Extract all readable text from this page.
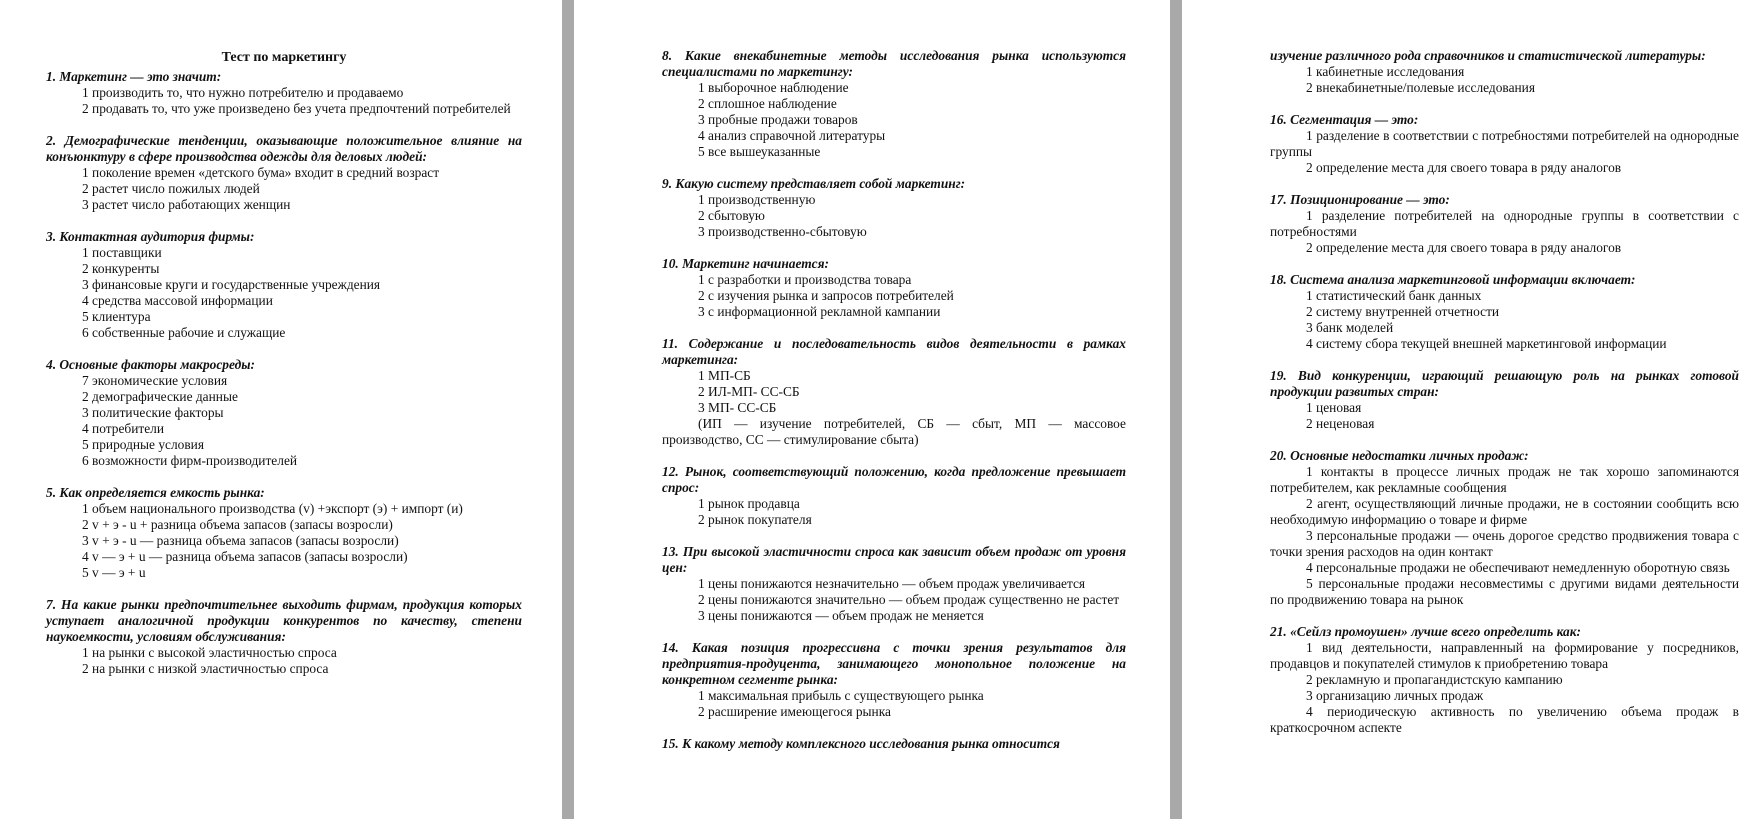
Тест по маркетингу
1. Маркетинг — это значит:
1 производить то, что нужно потребителю и продаваемо
2 продавать то, что уже произведено без учета предпочтений потребителей
2. Демографические тенденции, оказывающие положительное влияние на конъюнктуру в сфере производства одежды для деловых людей:
1 поколение времен «детского бума» входит в средний возраст
2 растет число пожилых людей
3 растет число работающих женщин
3. Контактная аудитория фирмы:
1 поставщики
2 конкуренты
3 финансовые круги и государственные учреждения
4 средства массовой информации
5 клиентура
6 собственные рабочие и служащие
4. Основные факторы макросреды:
7 экономические условия
2 демографические данные
3 политические факторы
4 потребители
5 природные условия
6 возможности фирм-производителей
5. Как определяется емкость рынка:
1 объем национального производства (v) +экспорт (э) + импорт (и)
2 v + э - u + разница объема запасов (запасы возросли)
3 v + э - u — разница объема запасов (запасы возросли)
4 v — э + u — разница объема запасов (запасы возросли)
5 v — э + u
7. На какие рынки предпочтительнее выходить фирмам, продукция которых уступает аналогичной продукции конкурентов по качеству, степени наукоемкости, условиям обслуживания:
1 на рынки с высокой эластичностью спроса
2 на рынки с низкой эластичностью спроса
8. Какие внекабинетные методы исследования рынка используются специалистами по маркетингу:
1 выборочное наблюдение
2 сплошное наблюдение
3 пробные продажи товаров
4 анализ справочной литературы
5 все вышеуказанные
9. Какую систему представляет собой маркетинг:
1 производственную
2 сбытовую
3 производственно-сбытовую
10. Маркетинг начинается:
1 с разработки и производства товара
2 с изучения рынка и запросов потребителей
3 с информационной рекламной кампании
11. Содержание и последовательность видов деятельности в рамках маркетинга:
1 МП-СБ
2 ИЛ-МП- СС-СБ
3 МП- СС-СБ
(ИП — изучение потребителей, СБ — сбыт, МП — массовое производство, СС — стимулирование сбыта)
12. Рынок, соответствующий положению, когда предложение превышает спрос:
1 рынок продавца
2 рынок покупателя
13. При высокой эластичности спроса как зависит объем продаж от уровня цен:
1 цены понижаются незначительно — объем продаж увеличивается
2 цены понижаются значительно — объем продаж существенно не растет
3 цены понижаются — объем продаж не меняется
14. Какая позиция прогрессивна с точки зрения результатов для предприятия-продуцента, занимающего монопольное положение на конкретном сегменте рынка:
1 максимальная прибыль с существующего рынка
2 расширение имеющегося рынка
15. К какому методу комплексного исследования рынка относится
изучение различного рода справочников и статистической литературы:
1 кабинетные исследования
2 внекабинетные/полевые исследования
16. Сегментация — это:
1 разделение в соответствии с потребностями потребителей на однородные группы
2 определение места для своего товара в ряду аналогов
17. Позиционирование — это:
1 разделение потребителей на однородные группы в соответствии с потребностями
2 определение места для своего товара в ряду аналогов
18. Система анализа маркетинговой информации включает:
1 статистический банк данных
2 систему внутренней отчетности
3 банк моделей
4 систему сбора текущей внешней маркетинговой информации
19. Вид конкуренции, играющий решающую роль на рынках готовой продукции развитых стран:
1 ценовая
2 неценовая
20. Основные недостатки личных продаж:
1 контакты в процессе личных продаж не так хорошо запоминаются потребителем, как рекламные сообщения
2 агент, осуществляющий личные продажи, не в состоянии сообщить всю необходимую информацию о товаре и фирме
3 персональные продажи — очень дорогое средство продвижения товара с точки зрения расходов на один контакт
4 персональные продажи не обеспечивают немедленную оборотную связь
5 персональные продажи несовместимы с другими видами деятельности по продвижению товара на рынок
21. «Сейлз промоушен» лучше всего определить как:
1 вид деятельности, направленный на формирование у посредников, продавцов и покупателей стимулов к приобретению товара
2 рекламную и пропагандистскую кампанию
3 организацию личных продаж
4 периодическую активность по увеличению объема продаж в краткосрочном аспекте
